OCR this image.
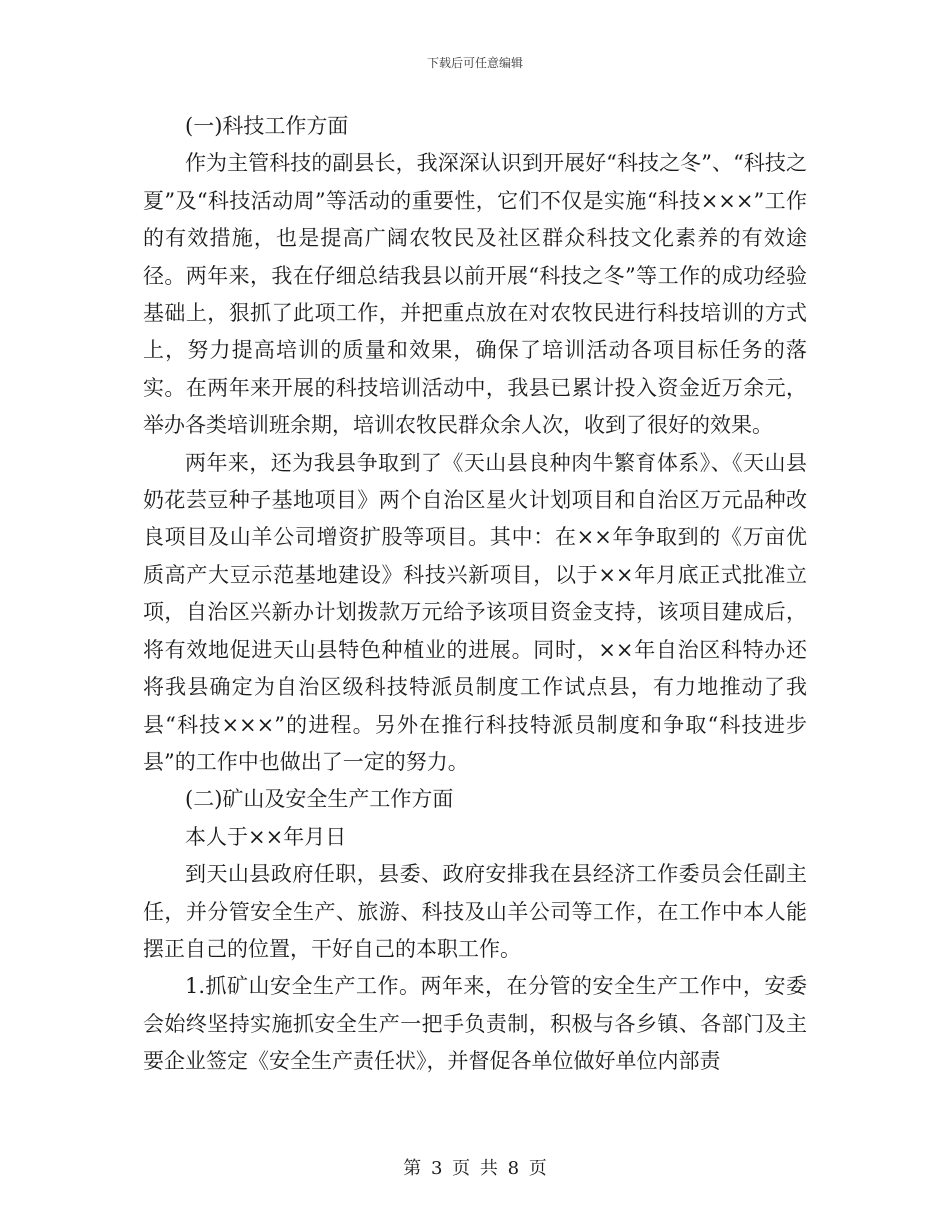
下载后可任意编辑

(一)科技工作方面

作为主管科技的副县长，我深深认识到开展好“科技之冬”、“科技之夏”及“科技活动周”等活动的重要性，它们不仅是实施“科技×××”工作的有效措施，也是提高广阔农牧民及社区群众科技文化素养的有效途径。两年来，我在仔细总结我县以前开展“科技之冬”等工作的成功经验基础上，狠抓了此项工作，并把重点放在对农牧民进行科技培训的方式上，努力提高培训的质量和效果，确保了培训活动各项目标任务的落实。在两年来开展的科技培训活动中，我县已累计投入资金近万余元，举办各类培训班余期，培训农牧民群众余人次，收到了很好的效果。

两年来，还为我县争取到了《天山县良种肉牛繁育体系》、《天山县奶花芸豆种子基地项目》两个自治区星火计划项目和自治区万元品种改良项目及山羊公司增资扩股等项目。其中：在××年争取到的《万亩优质高产大豆示范基地建设》科技兴新项目，以于××年月底正式批准立项，自治区兴新办计划拨款万元给予该项目资金支持，该项目建成后，将有效地促进天山县特色种植业的进展。同时，××年自治区科特办还将我县确定为自治区级科技特派员制度工作试点县，有力地推动了我县“科技×××”的进程。另外在推行科技特派员制度和争取“科技进步县”的工作中也做出了一定的努力。

(二)矿山及安全生产工作方面

本人于××年月日

到天山县政府任职，县委、政府安排我在县经济工作委员会任副主任，并分管安全生产、旅游、科技及山羊公司等工作，在工作中本人能摆正自己的位置，干好自己的本职工作。

1.抓矿山安全生产工作。两年来，在分管的安全生产工作中，安委会始终坚持实施抓安全生产一把手负责制，积极与各乡镇、各部门及主要企业签定《安全生产责任状》，并督促各单位做好单位内部责

第 3 页 共 8 页
